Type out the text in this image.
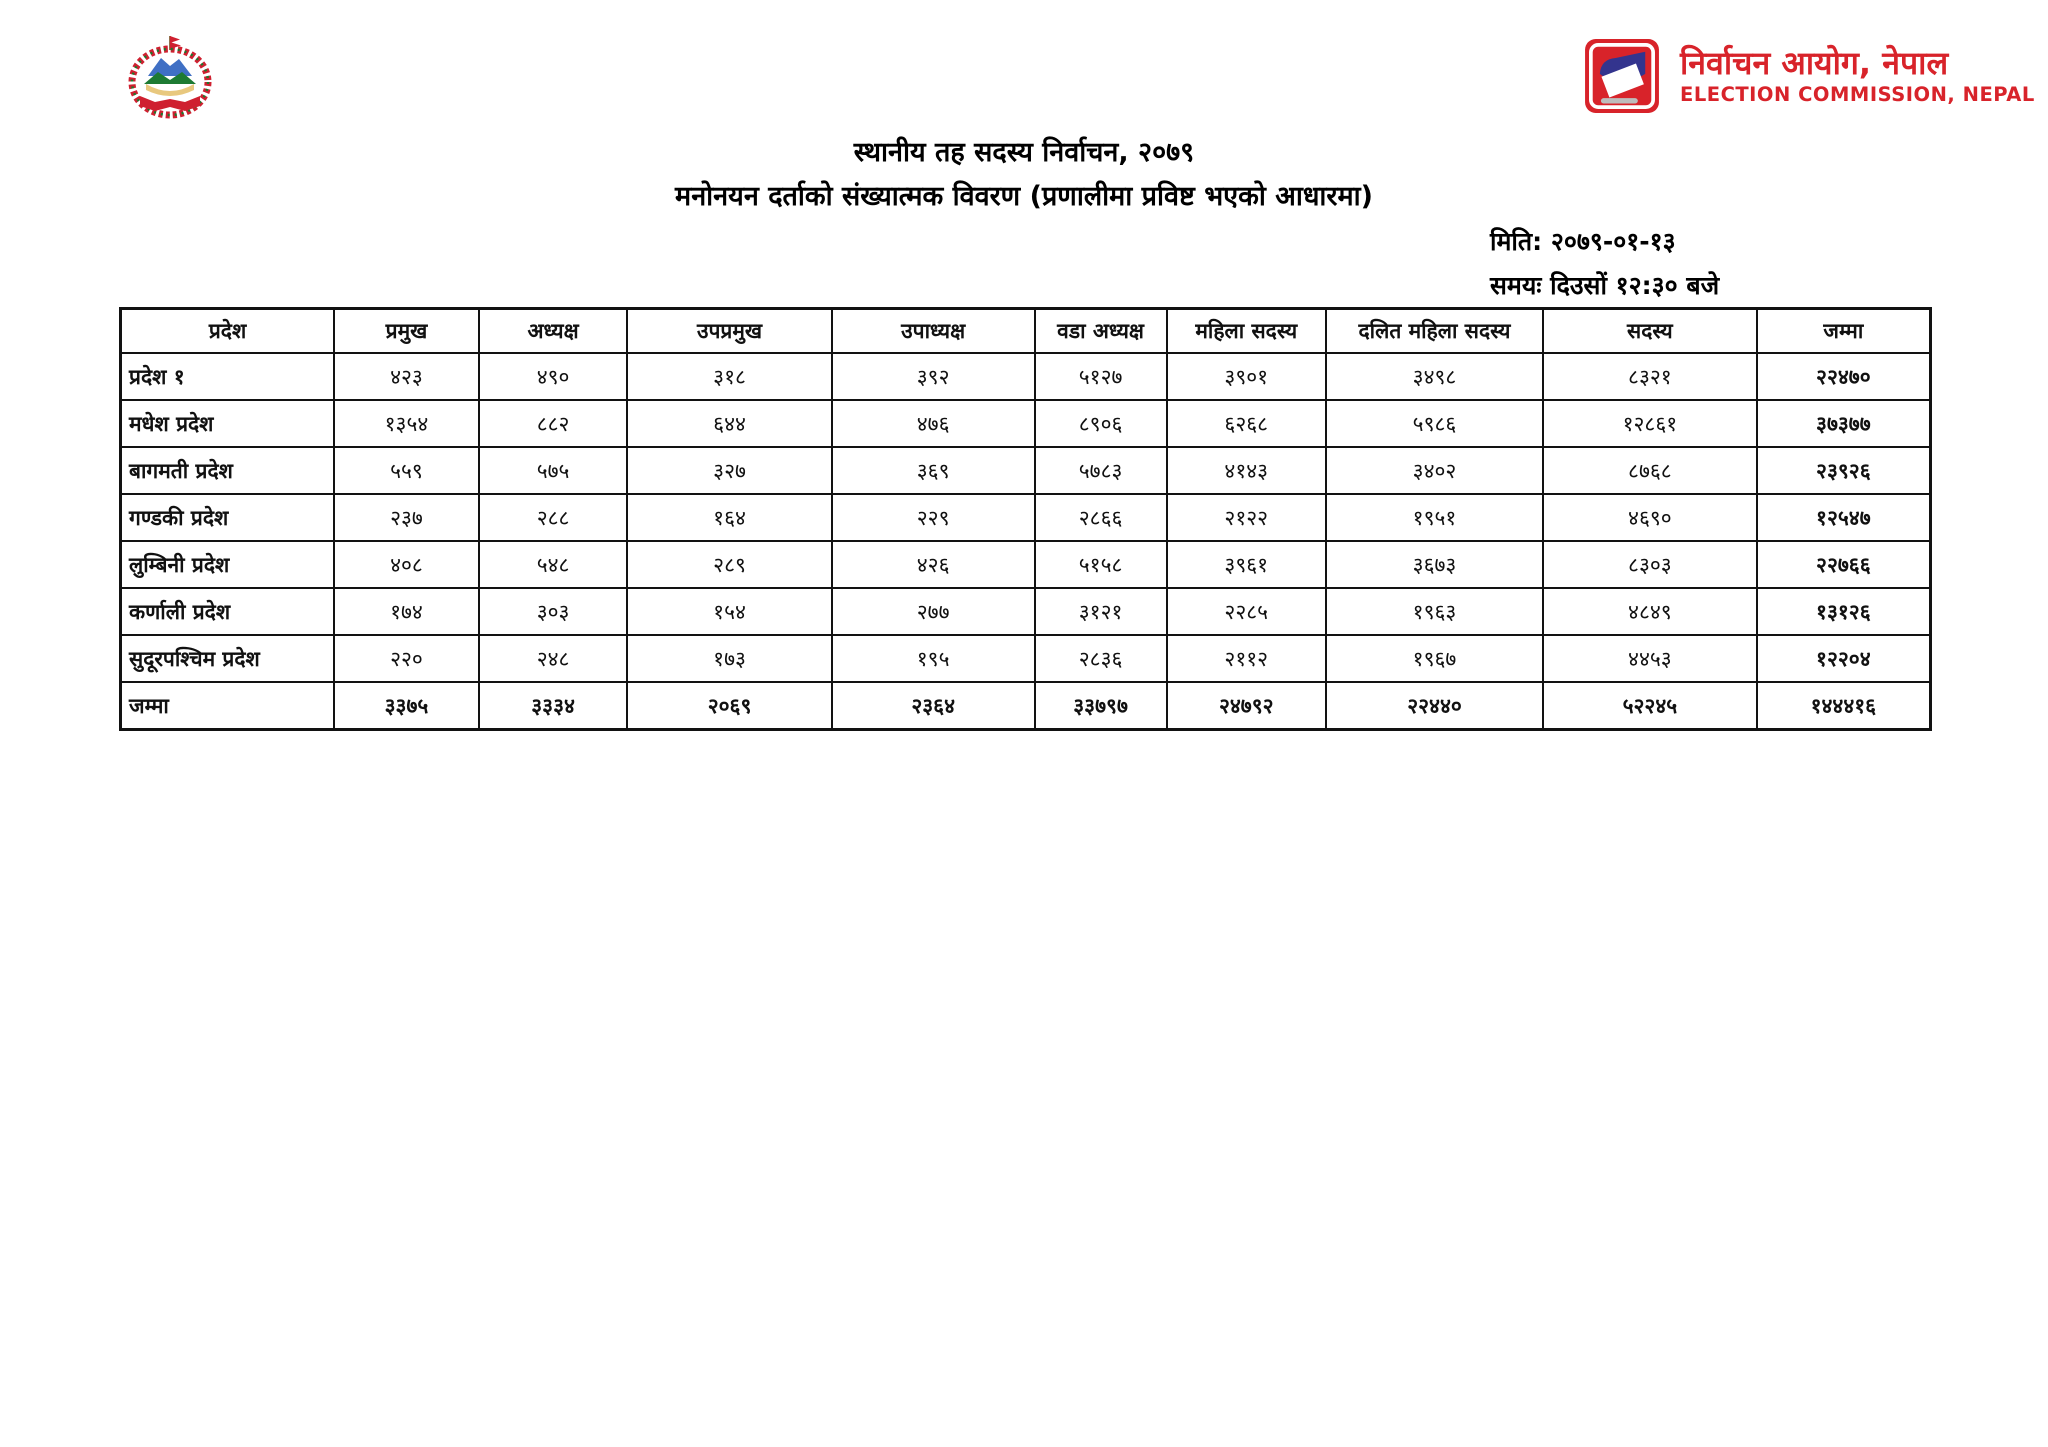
निर्वाचन आयोग, नेपाल
ELECTION COMMISSION, NEPAL
स्थानीय तह सदस्य निर्वाचन, २०७९
मनोनयन दर्ताको संख्यात्मक विवरण (प्रणालीमा प्रविष्ट भएको आधारमा)
मिति: २०७९-०१-१३
समयः दिउसों १२:३० बजे
प्रदेश	प्रमुख	अध्यक्ष	उपप्रमुख	उपाध्यक्ष	वडा अध्यक्ष	महिला सदस्य	दलित महिला सदस्य	सदस्य	जम्मा
प्रदेश १	४२३	४९०	३१८	३९२	५१२७	३९०१	३४९८	८३२१	२२४७०
मधेश प्रदेश	१३५४	८८२	६४४	४७६	८९०६	६२६८	५९८६	१२८६१	३७३७७
बागमती प्रदेश	५५९	५७५	३२७	३६९	५७८३	४१४३	३४०२	८७६८	२३९२६
गण्डकी प्रदेश	२३७	२८८	१६४	२२९	२८६६	२१२२	१९५१	४६९०	१२५४७
लुम्बिनी प्रदेश	४०८	५४८	२८९	४२६	५१५८	३९६१	३६७३	८३०३	२२७६६
कर्णाली प्रदेश	१७४	३०३	१५४	२७७	३१२१	२२८५	१९६३	४८४९	१३१२६
सुदूरपश्चिम प्रदेश	२२०	२४८	१७३	१९५	२८३६	२११२	१९६७	४४५३	१२२०४
जम्मा	३३७५	३३३४	२०६९	२३६४	३३७९७	२४७९२	२२४४०	५२२४५	१४४४१६
